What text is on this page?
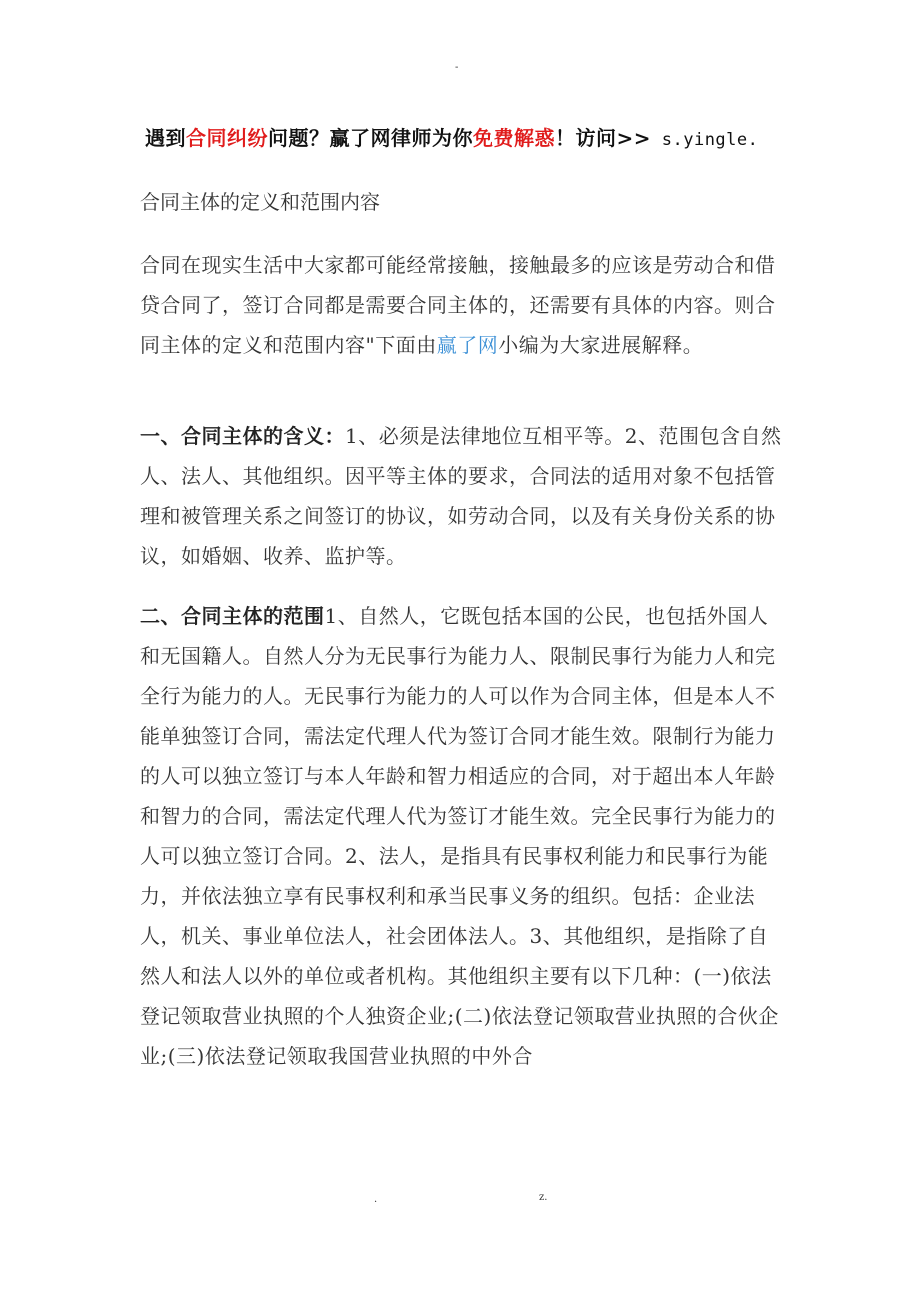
-
遇到合同纠纷问题？赢了网律师为你免费解惑！访问>> s.yingle.
合同主体的定义和范围内容
合同在现实生活中大家都可能经常接触，接触最多的应该是劳动合和借贷合同了，签订合同都是需要合同主体的，还需要有具体的内容。则合同主体的定义和范围内容"下面由赢了网小编为大家进展解释。
一、合同主体的含义：1、必须是法律地位互相平等。2、范围包含自然人、法人、其他组织。因平等主体的要求，合同法的适用对象不包括管理和被管理关系之间签订的协议，如劳动合同，以及有关身份关系的协议，如婚姻、收养、监护等。
二、合同主体的范围1、自然人，它既包括本国的公民，也包括外国人和无国籍人。自然人分为无民事行为能力人、限制民事行为能力人和完全行为能力的人。无民事行为能力的人可以作为合同主体，但是本人不能单独签订合同，需法定代理人代为签订合同才能生效。限制行为能力的人可以独立签订与本人年龄和智力相适应的合同，对于超出本人年龄和智力的合同，需法定代理人代为签订才能生效。完全民事行为能力的人可以独立签订合同。2、法人，是指具有民事权利能力和民事行为能力，并依法独立享有民事权利和承当民事义务的组织。包括：企业法人，机关、事业单位法人，社会团体法人。3、其他组织，是指除了自然人和法人以外的单位或者机构。其他组织主要有以下几种：(一)依法登记领取营业执照的个人独资企业;(二)依法登记领取营业执照的合伙企业;(三)依法登记领取我国营业执照的中外合
.	z.
